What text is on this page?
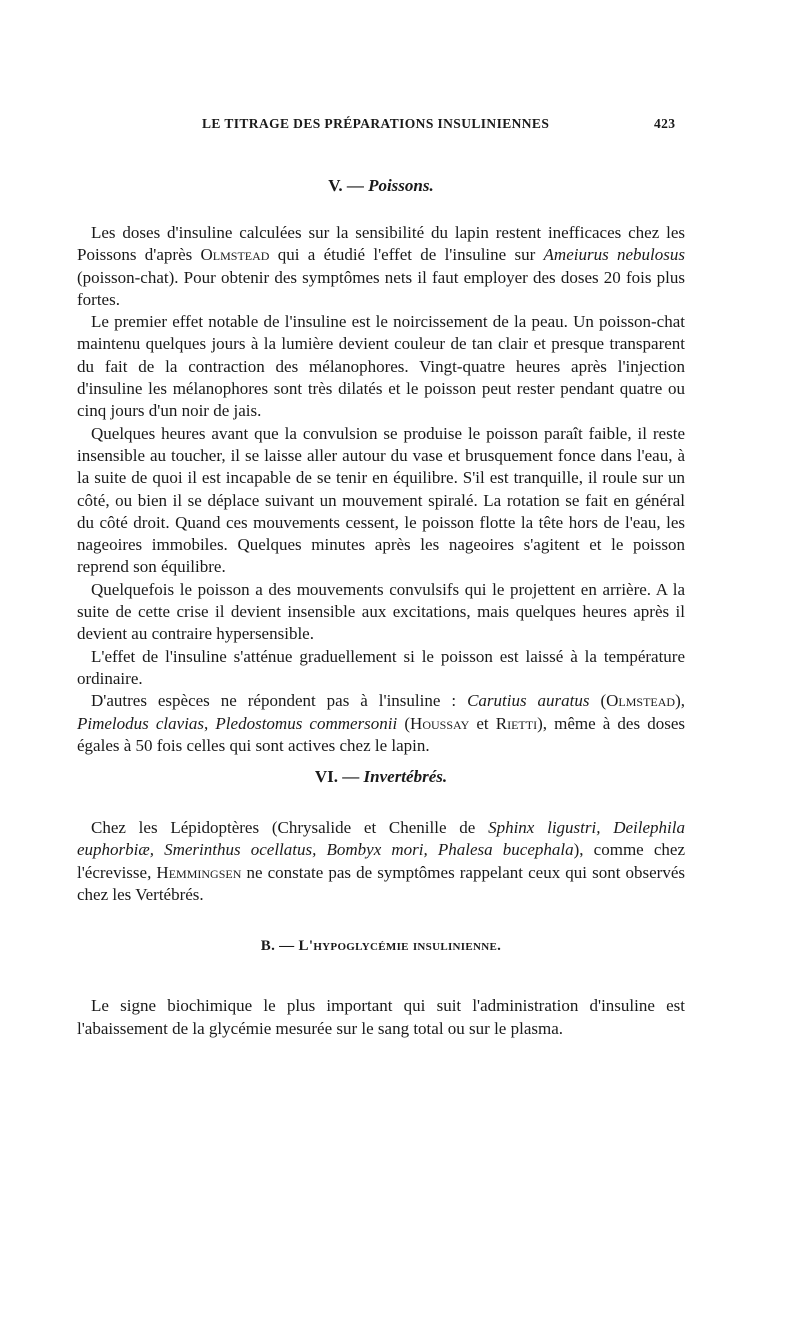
LE TITRAGE DES PRÉPARATIONS INSULINIENNES	423
V. — Poissons.

Les doses d'insuline calculées sur la sensibilité du lapin restent inefficaces chez les Poissons d'après Olmstead qui a étudié l'effet de l'insuline sur Ameiurus nebulosus (poisson-chat). Pour obtenir des symptômes nets il faut employer des doses 20 fois plus fortes.

Le premier effet notable de l'insuline est le noircissement de la peau. Un poisson-chat maintenu quelques jours à la lumière devient couleur de tan clair et presque transparent du fait de la contraction des mélanophores. Vingt-quatre heures après l'injection d'insuline les mélanophores sont très dilatés et le poisson peut rester pendant quatre ou cinq jours d'un noir de jais.

Quelques heures avant que la convulsion se produise le poisson paraît faible, il reste insensible au toucher, il se laisse aller autour du vase et brusquement fonce dans l'eau, à la suite de quoi il est incapable de se tenir en équilibre. S'il est tranquille, il roule sur un côté, ou bien il se déplace suivant un mouvement spiralé. La rotation se fait en général du côté droit. Quand ces mouvements cessent, le poisson flotte la tête hors de l'eau, les nageoires immobiles. Quelques minutes après les nageoires s'agitent et le poisson reprend son équilibre.

Quelquefois le poisson a des mouvements convulsifs qui le projettent en arrière. A la suite de cette crise il devient insensible aux excitations, mais quelques heures après il devient au contraire hypersensible.

L'effet de l'insuline s'atténue graduellement si le poisson est laissé à la température ordinaire.

D'autres espèces ne répondent pas à l'insuline : Carutius auratus (Olmstead), Pimelodus clavias, Pledostomus commersonii (Houssay et Rietti), même à des doses égales à 50 fois celles qui sont actives chez le lapin.

VI. — Invertébrés.

Chez les Lépidoptères (Chrysalide et Chenille de Sphinx ligustri, Deilephila euphorbiæ, Smerinthus ocellatus, Bombyx mori, Phalesa bucephala), comme chez l'écrevisse, Hemmingsen ne constate pas de symptômes rappelant ceux qui sont observés chez les Vertébrés.

B. — L'hypoglycémie insulinienne.

Le signe biochimique le plus important qui suit l'administration d'insuline est l'abaissement de la glycémie mesurée sur le sang total ou sur le plasma.
